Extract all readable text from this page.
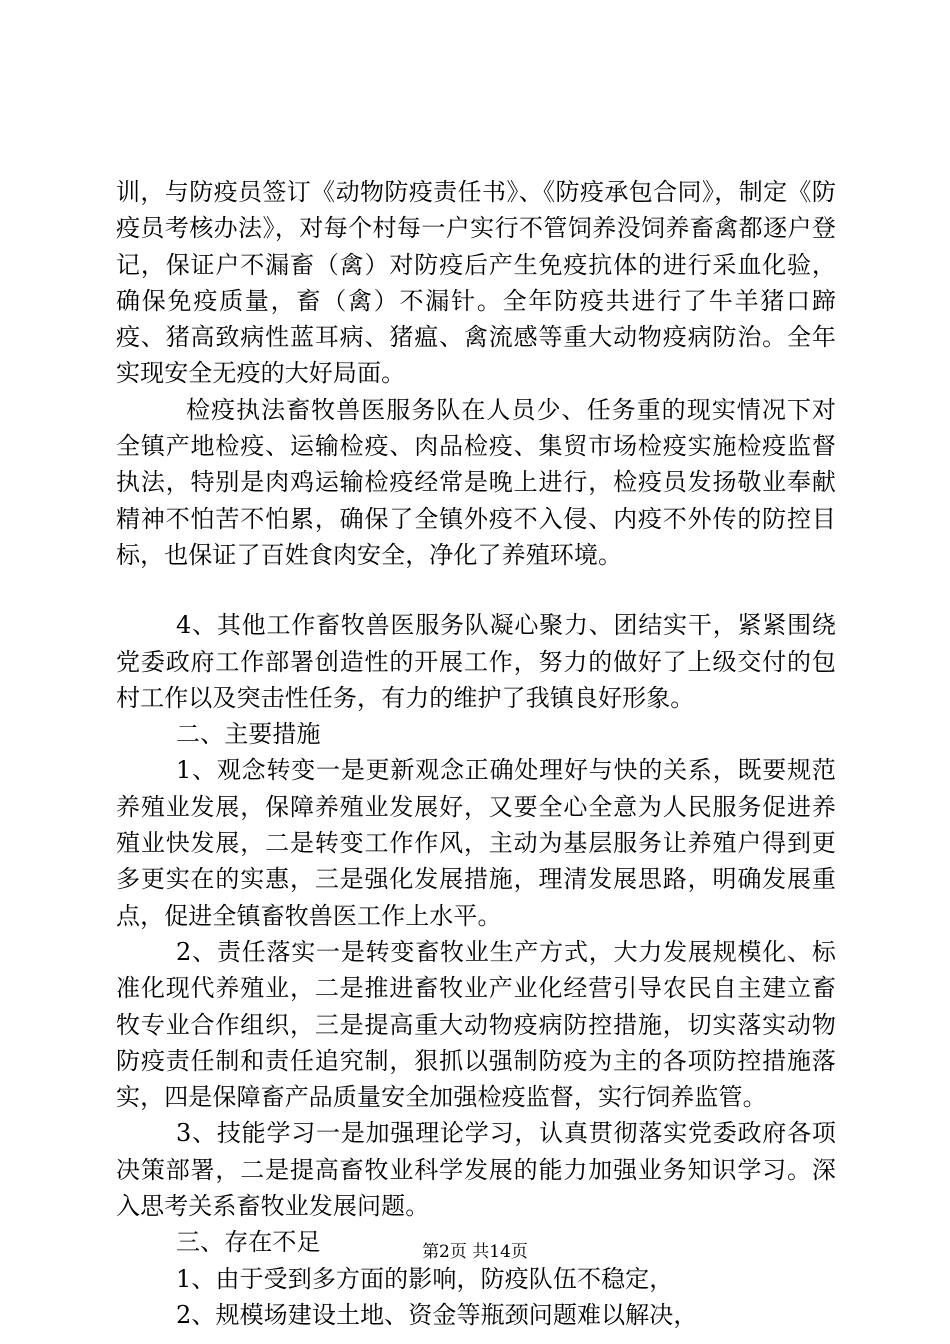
训，与防疫员签订《动物防疫责任书》、《防疫承包合同》，制定《防疫员考核办法》，对每个村每一户实行不管饲养没饲养畜禽都逐户登记，保证户不漏畜（禽）对防疫后产生免疫抗体的进行采血化验，确保免疫质量，畜（禽）不漏针。全年防疫共进行了牛羊猪口蹄疫、猪高致病性蓝耳病、猪瘟、禽流感等重大动物疫病防治。全年实现安全无疫的大好局面。

检疫执法畜牧兽医服务队在人员少、任务重的现实情况下对全镇产地检疫、运输检疫、肉品检疫、集贸市场检疫实施检疫监督执法，特别是肉鸡运输检疫经常是晚上进行，检疫员发扬敬业奉献精神不怕苦不怕累，确保了全镇外疫不入侵、内疫不外传的防控目标，也保证了百姓食肉安全，净化了养殖环境。

4、其他工作畜牧兽医服务队凝心聚力、团结实干，紧紧围绕党委政府工作部署创造性的开展工作，努力的做好了上级交付的包村工作以及突击性任务，有力的维护了我镇良好形象。

二、主要措施

1、观念转变一是更新观念正确处理好与快的关系，既要规范养殖业发展，保障养殖业发展好，又要全心全意为人民服务促进养殖业快发展，二是转变工作作风，主动为基层服务让养殖户得到更多更实在的实惠，三是强化发展措施，理清发展思路，明确发展重点，促进全镇畜牧兽医工作上水平。

2、责任落实一是转变畜牧业生产方式，大力发展规模化、标准化现代养殖业，二是推进畜牧业产业化经营引导农民自主建立畜牧专业合作组织，三是提高重大动物疫病防控措施，切实落实动物防疫责任制和责任追究制，狠抓以强制防疫为主的各项防控措施落实，四是保障畜产品质量安全加强检疫监督，实行饲养监管。

3、技能学习一是加强理论学习，认真贯彻落实党委政府各项决策部署，二是提高畜牧业科学发展的能力加强业务知识学习。深入思考关系畜牧业发展问题。

三、存在不足

1、由于受到多方面的影响，防疫队伍不稳定，

2、规模场建设土地、资金等瓶颈问题难以解决，

第2页 共14页
